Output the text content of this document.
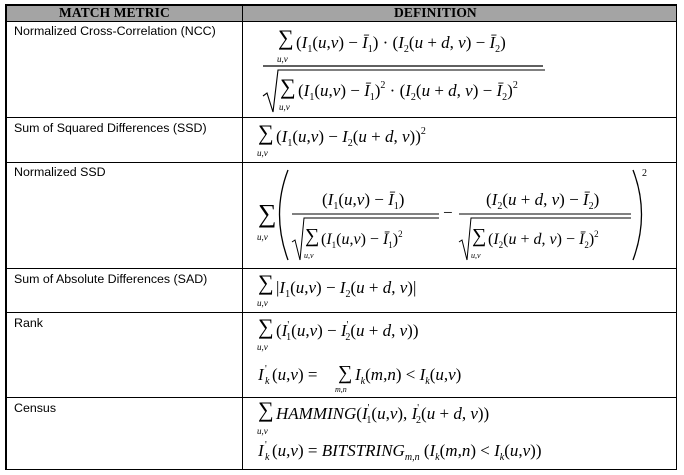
MATCH METRIC	DEFINITION
Normalized Cross-Correlation (NCC)
Sum of Squared Differences (SSD)
Normalized SSD
Sum of Absolute Differences (SAD)
Rank
Census
∑
u,v
($I_1(u,v)$ − $Ī_1) \cdot (I_2(u + d$, $v) - Ī_2$)
∑
u,v
($I_1(u,v)$ − $Ī_1)^2 \cdot (I_2(u + d$, $v) - Ī_2)^2$
∑
u,v
($I_1(u,v) - I_2(u + d$, v))$^2$
∑
u,v
2
($I_1(u,v)$ − $Ī_1$)
∑
u,v
($I_1(u,v)$ − $Ī_1)^2$
−
($I_2(u + d$, $v) - Ī_2$)
∑
u,v
($I_2(u + d$, $v) - Ī_2)^2$
∑
u,v
$|I_1(u,v) - I_2(u + d$, v)|
∑
u,v
(I' 1(u,v) − I' 2(u + d, v))
I '
k (u,v) = ∑
m,n
$I_k(m,n) < I_k(u,v)$
∑
u,v
HAMMING(I' 1(u,v), I' 2(u + d, v))
I '
k $(u,v) = BITSTRING_{m,n}$ $(I_k(m,n) < I_k(u,v))$
